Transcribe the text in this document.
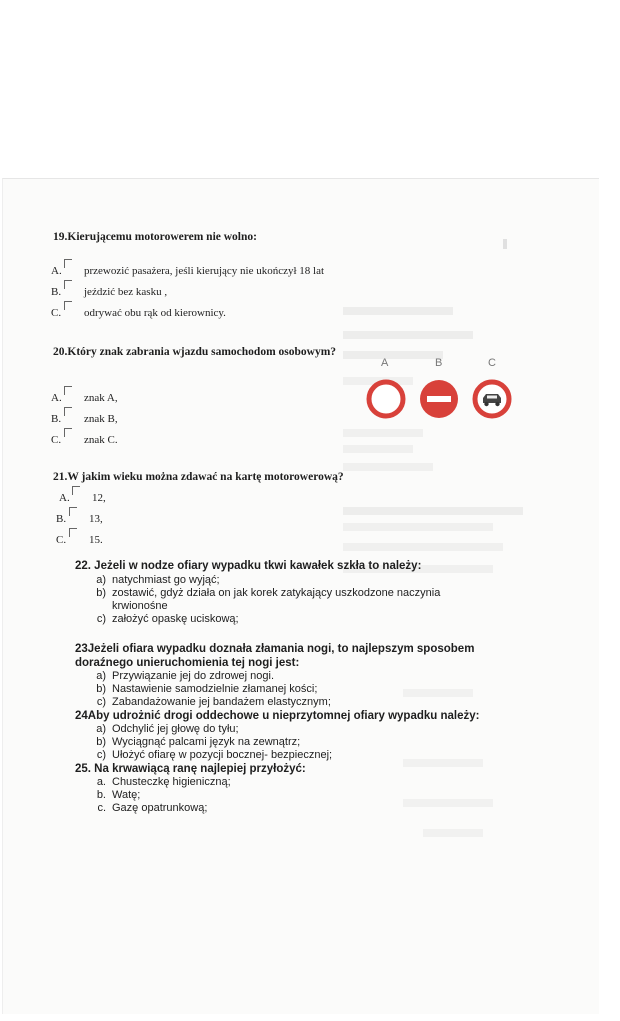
19.Kierującemu motorowerem nie wolno:
A. przewozić pasażera, jeśli kierujący nie ukończył 18 lat
B. jeździć bez kasku ,
C. odrywać obu rąk od kierownicy.
20.Który znak zabrania wjazdu samochodom osobowym?
A. znak A,
B. znak B,
C. znak C.
A	B	C
21.W jakim wieku można zdawać na kartę motorowerową?
A. 12,
B. 13,
C. 15.
22. Jeżeli w nodze ofiary wypadku tkwi kawałek szkła to należy:
a) natychmiast go wyjąć;
b) zostawić, gdyż działa on jak korek zatykający uszkodzone naczynia
krwionośne
c) założyć opaskę uciskową;
23Jeżeli ofiara wypadku doznała złamania nogi, to najlepszym sposobem
doraźnego unieruchomienia tej nogi jest:
a) Przywiązanie jej do zdrowej nogi.
b) Nastawienie samodzielnie złamanej kości;
c) Zabandażowanie jej bandażem elastycznym;
24Aby udrożnić drogi oddechowe u nieprzytomnej ofiary wypadku należy:
a) Odchylić jej głowę do tyłu;
b) Wyciągnąć palcami język na zewnątrz;
c) Ułożyć ofiarę w pozycji bocznej- bezpiecznej;
25. Na krwawiącą ranę najlepiej przyłożyć:
a. Chusteczkę higieniczną;
b. Watę;
c. Gazę opatrunkową;
